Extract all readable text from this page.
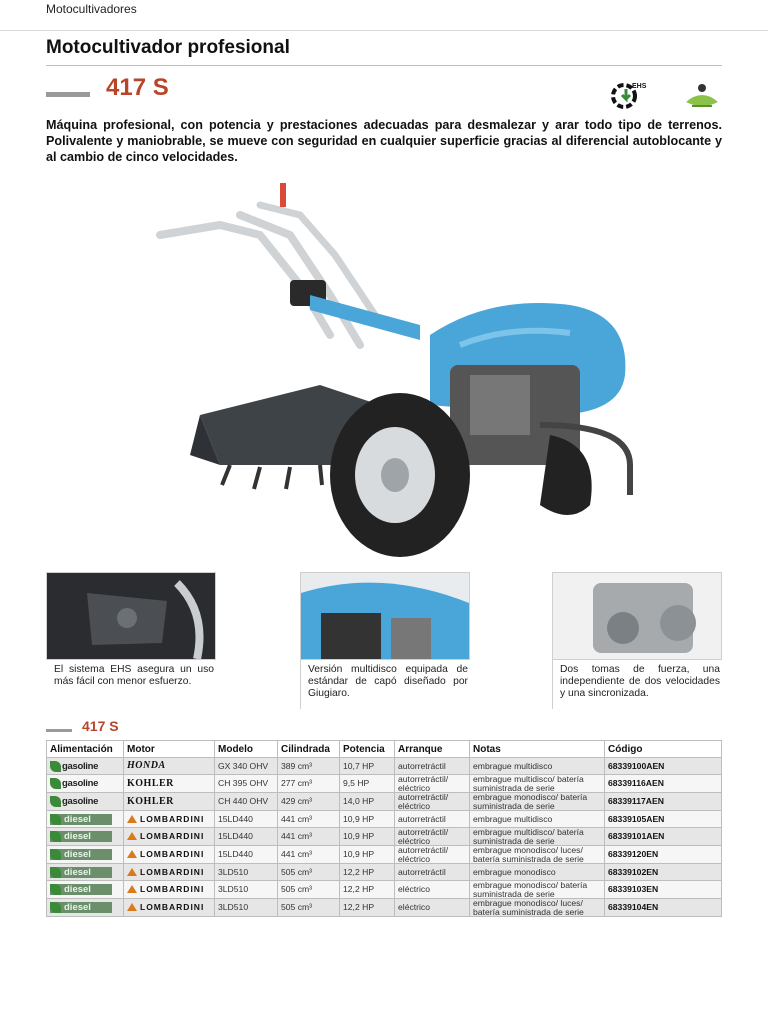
Motocultivadores
Motocultivador profesional
417 S	EHS
Máquina profesional, con potencia y prestaciones adecuadas para desmalezar y arar todo tipo de terrenos. Polivalente y maniobrable, se mueve con seguridad en cualquier superficie gracias al diferencial autoblocante y al cambio de cinco velocidades.
El sistema EHS asegura un uso más fácil con menor esfuerzo.
Versión multidisco equipada de estándar de capó diseñado por Giugiaro.
Dos tomas de fuerza, una independiente de dos velocidades y una sincronizada.
417 S
Alimentación	Motor	Modelo	Cilindrada	Potencia	Arranque	Notas	Código
gasoline	HONDA	GX 340 OHV	389 cm³	10,7 HP	autorretráctil	embrague multidisco	68339100AEN
gasoline	KOHLER	CH 395 OHV	277 cm³	9,5 HP	autorretráctil/ eléctrico	embrague multidisco/ batería suministrada de serie	68339116AEN
gasoline	KOHLER	CH 440 OHV	429 cm³	14,0 HP	autorretráctil/ eléctrico	embrague monodisco/ batería suministrada de serie	68339117AEN
diesel	LOMBARDINI	15LD440	441 cm³	10,9 HP	autorretráctil	embrague multidisco	68339105AEN
diesel	LOMBARDINI	15LD440	441 cm³	10,9 HP	autorretráctil/ eléctrico	embrague multidisco/ batería suministrada de serie	68339101AEN
diesel	LOMBARDINI	15LD440	441 cm³	10,9 HP	autorretráctil/ eléctrico	embrague monodisco/ luces/ batería suministrada de serie	68339120EN
diesel	LOMBARDINI	3LD510	505 cm³	12,2 HP	autorretráctil	embrague monodisco	68339102EN
diesel	LOMBARDINI	3LD510	505 cm³	12,2 HP	eléctrico	embrague monodisco/ batería suministrada de serie	68339103EN
diesel	LOMBARDINI	3LD510	505 cm³	12,2 HP	eléctrico	embrague monodisco/ luces/ batería suministrada de serie	68339104EN
